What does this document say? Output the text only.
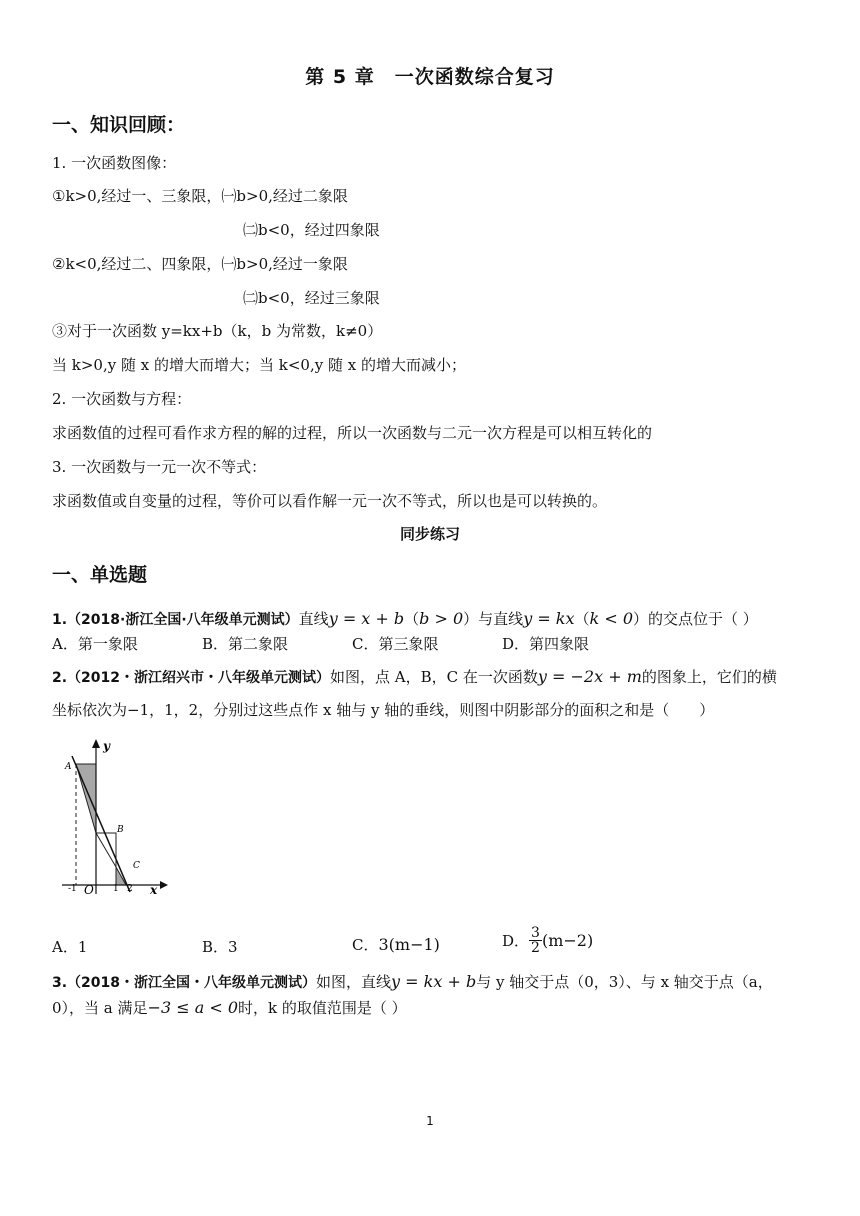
第 5 章　一次函数综合复习
一、知识回顾：
1. 一次函数图像：
①k>0,经过一、三象限，㈠b>0,经过二象限
㈡b<0，经过四象限
②k<0,经过二、四象限，㈠b>0,经过一象限
㈡b<0，经过三象限
③对于一次函数 y=kx+b（k，b 为常数，k≠0）
当 k>0,y 随 x 的增大而增大；当 k<0,y 随 x 的增大而减小；
2. 一次函数与方程：
求函数值的过程可看作求方程的解的过程，所以一次函数与二元一次方程是可以相互转化的
3. 一次函数与一元一次不等式：
求函数值或自变量的过程，等价可以看作解一元一次不等式，所以也是可以转换的。
同步练习
一、单选题
1.（2018·浙江全国·八年级单元测试）直线y = x + b（b > 0）与直线y = kx（k < 0）的交点位于（ ）
A．第一象限	B．第二象限	C．第三象限	D．第四象限
2.（2012・浙江绍兴市・八年级单元测试）如图，点 A，B，C 在一次函数y = −2x + m的图象上，它们的横
坐标依次为−1，1，2，分别过这些点作 x 轴与 y 轴的垂线，则图中阴影部分的面积之和是（　　）
y
x
A
B
C
O
-1	1 2
A．1	B．3	C．3(m−1)	D． $\frac{3}{2} (m-2)$
3.（2018・浙江全国・八年级单元测试）如图，直线y = kx + b与 y 轴交于点（0，3）、与 x 轴交于点（a，
0），当 a 满足−3 ≤ a < 0时，k 的取值范围是（ ）
1
